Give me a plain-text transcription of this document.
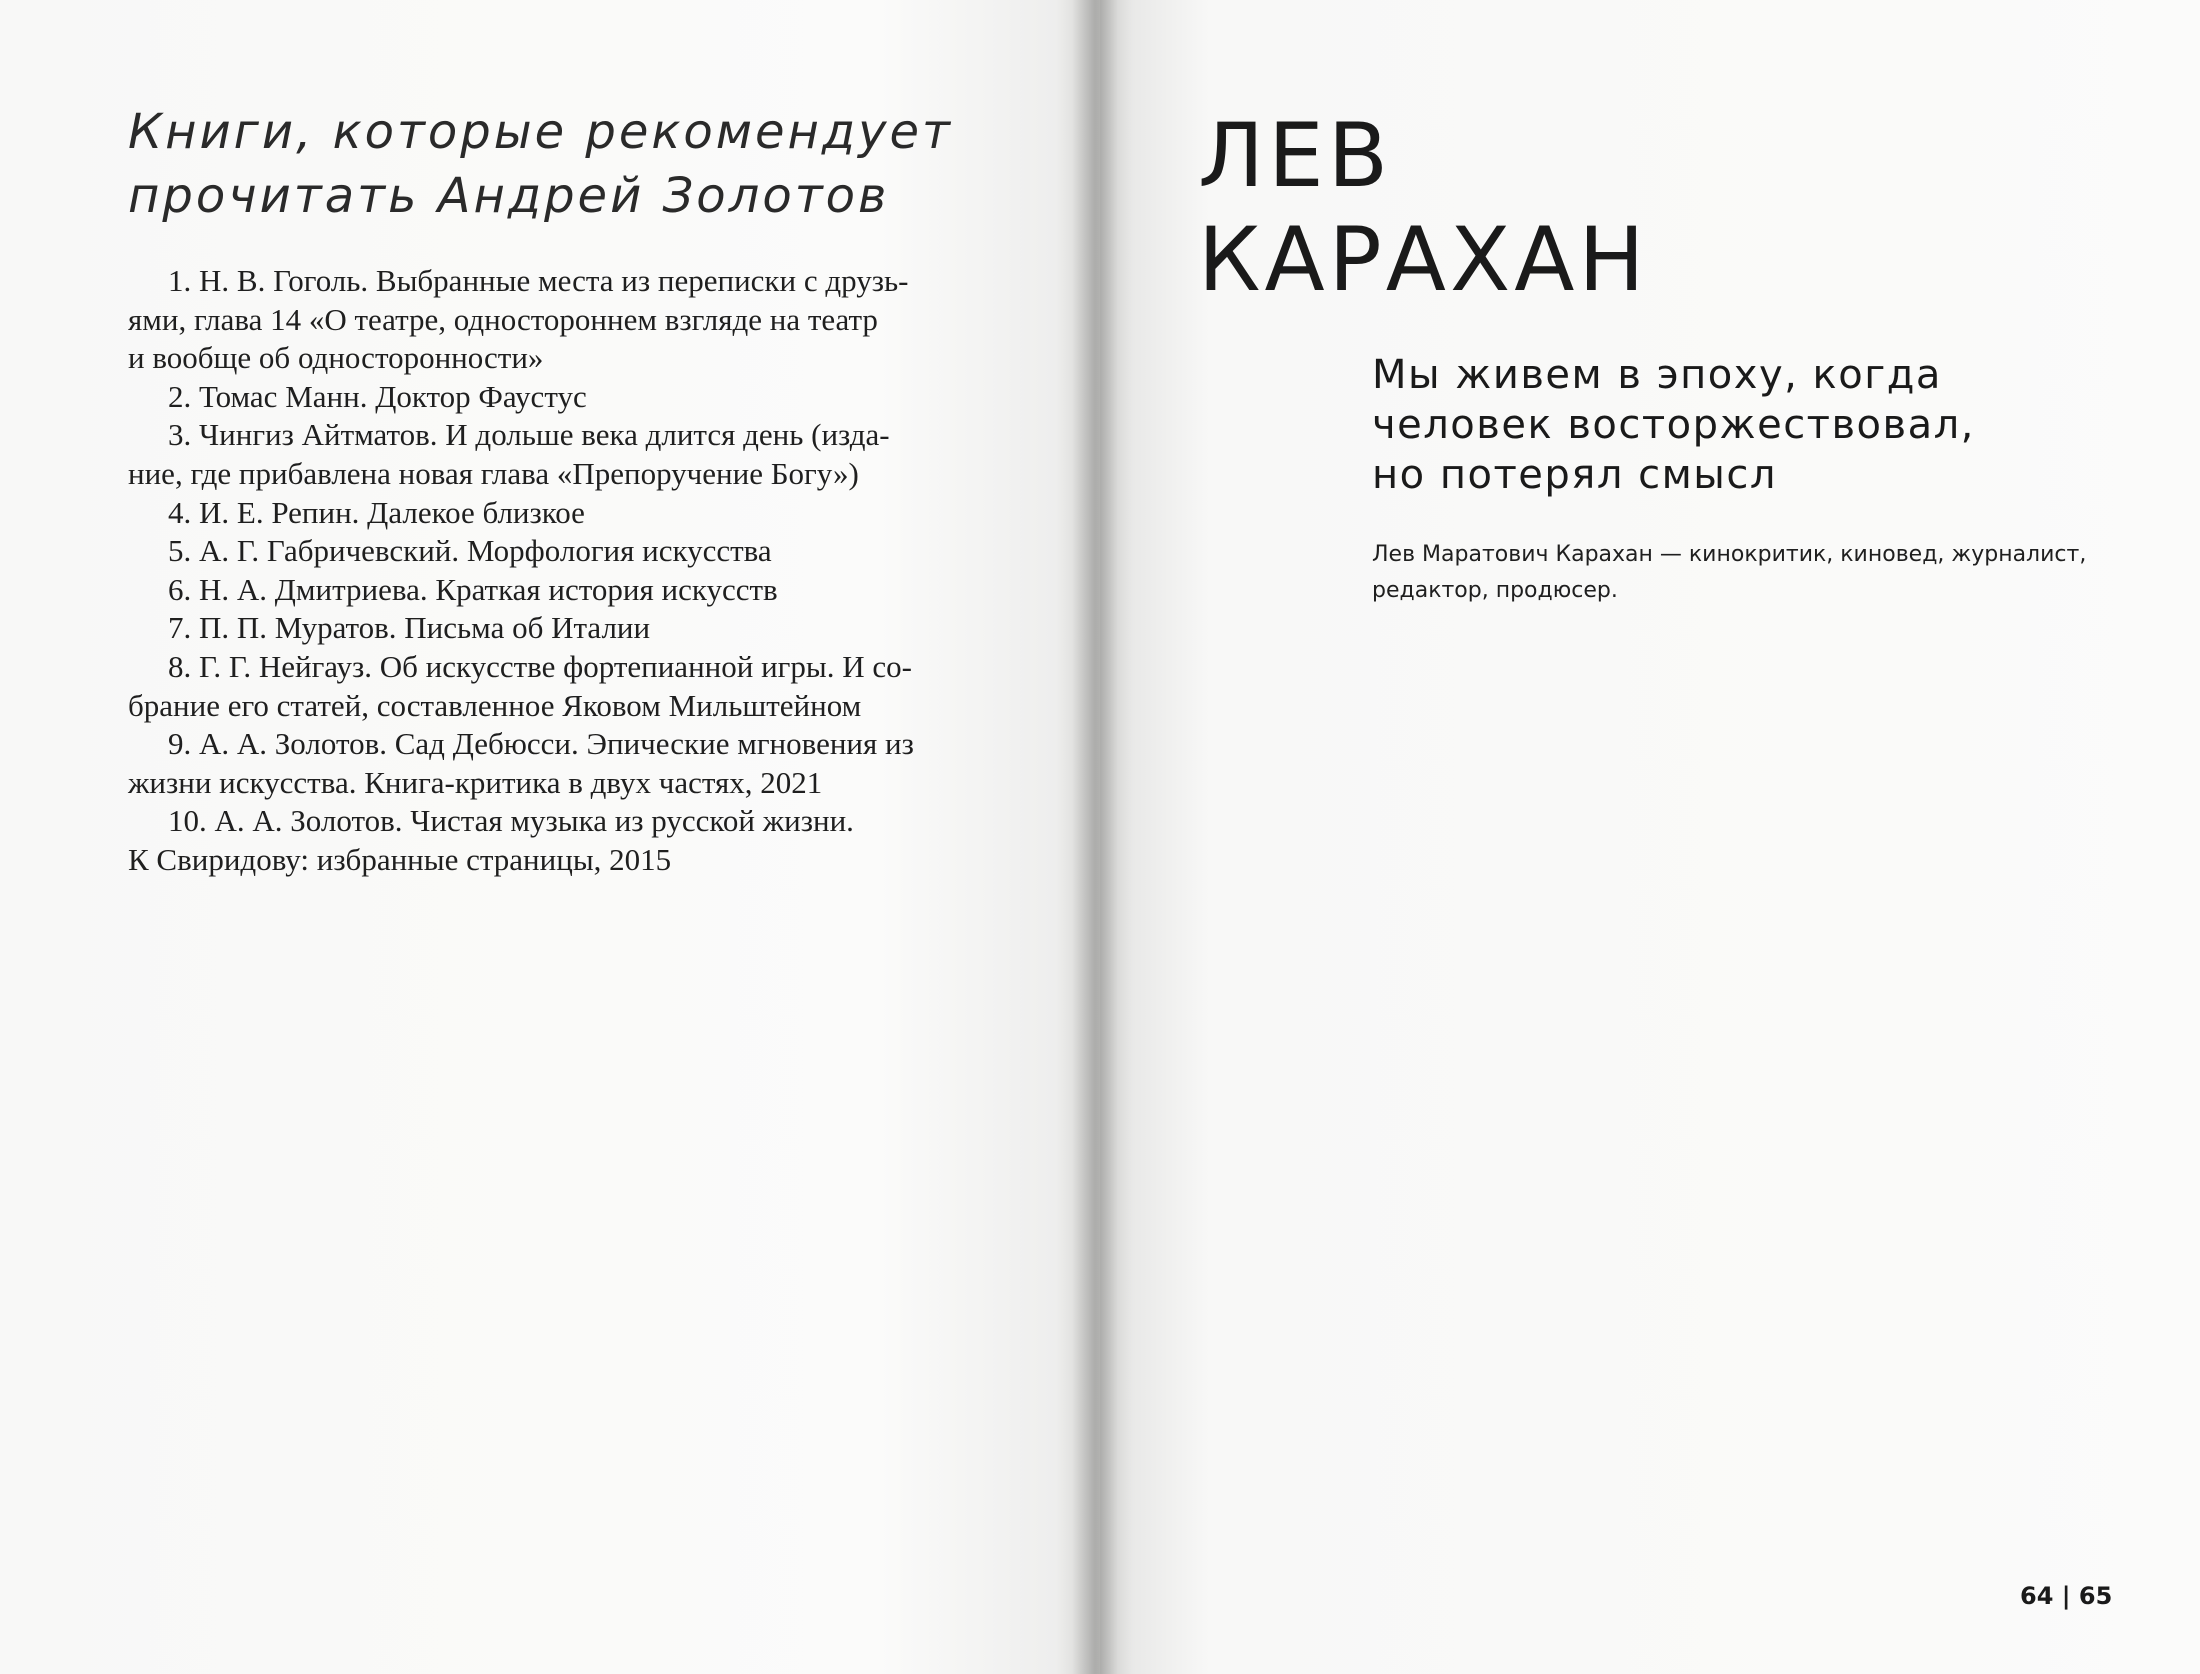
Книги, которые рекомендует
прочитать Андрей Золотов
1. Н. В. Гоголь. Выбранные места из переписки с друзь-
ями, глава 14 «О театре, одностороннем взгляде на театр
и вообще об односторонности»
2. Томас Манн. Доктор Фаустус
3. Чингиз Айтматов. И дольше века длится день (изда-
ние, где прибавлена новая глава «Препоручение Богу»)
4. И. Е. Репин. Далекое близкое
5. А. Г. Габричевский. Морфология искусства
6. Н. А. Дмитриева. Краткая история искусств
7. П. П. Муратов. Письма об Италии
8. Г. Г. Нейгауз. Об искусстве фортепианной игры. И со-
брание его статей, составленное Яковом Мильштейном
9. А. А. Золотов. Сад Дебюсси. Эпические мгновения из
жизни искусства. Книга-критика в двух частях, 2021
10. А. А. Золотов. Чистая музыка из русской жизни.
К Свиридову: избранные страницы, 2015
ЛЕВ
КАРАХАН
Мы живем в эпоху, когда
человек восторжествовал,
но потерял смысл
Лев Маратович Карахан — кинокритик, киновед, журналист,
редактор, продюсер.
64 | 65
